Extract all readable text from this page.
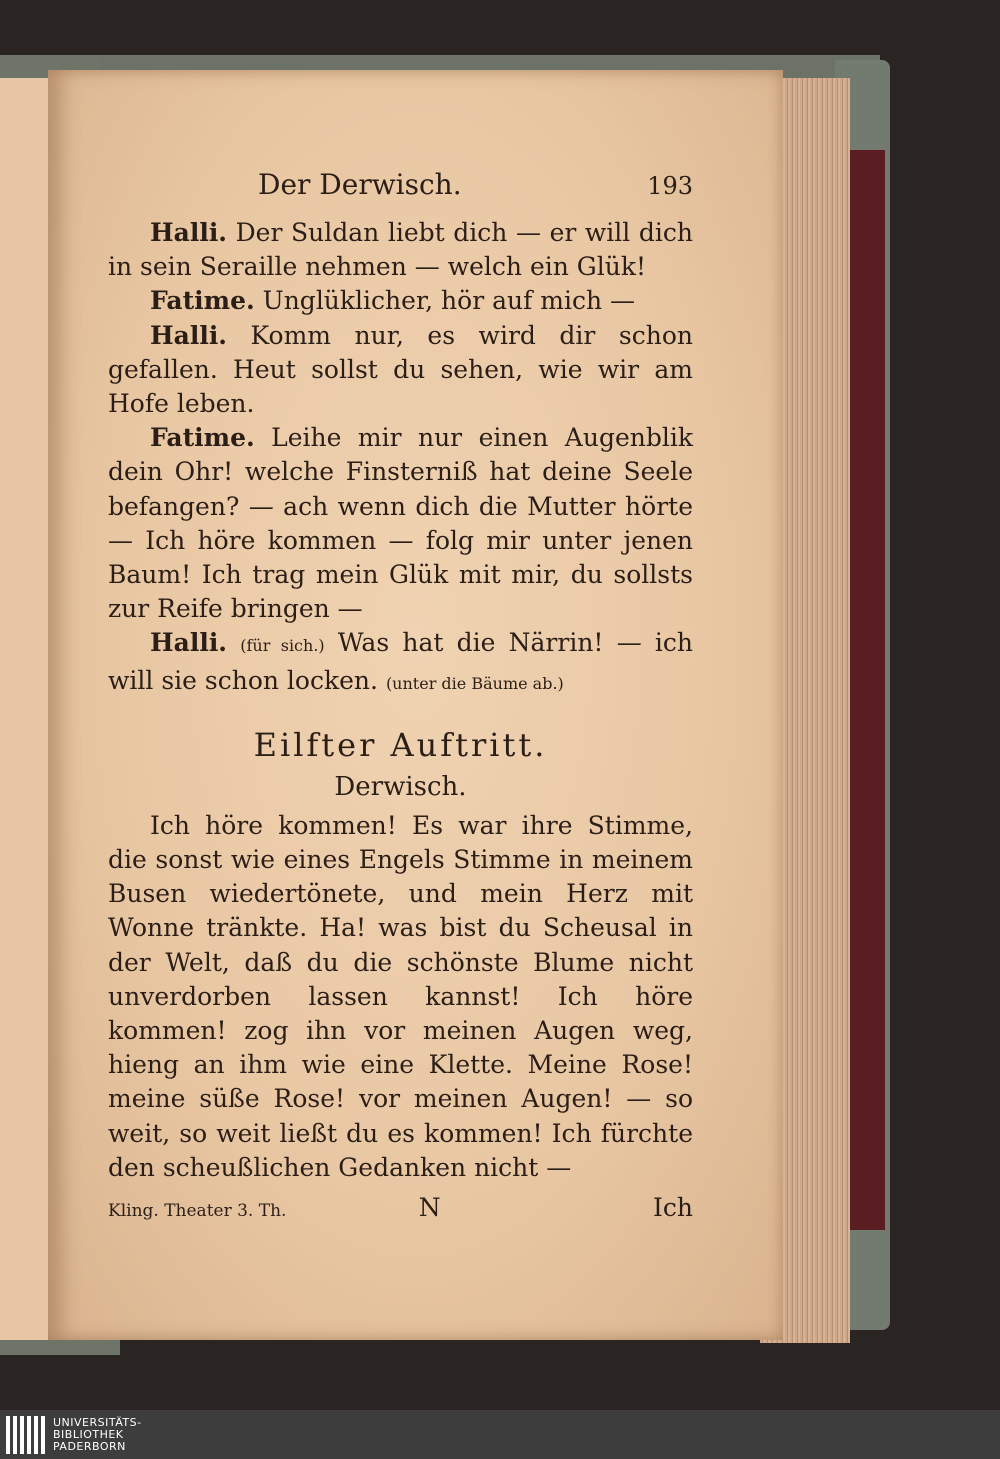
Der Derwisch.	193

Halli. Der Suldan liebt dich — er will dich in sein Seraille nehmen — welch ein Glük!

Fatime. Unglüklicher, hör auf mich —

Halli. Komm nur, es wird dir schon gefallen. Heut sollst du sehen, wie wir am Hofe leben.

Fatime. Leihe mir nur einen Augenblik dein Ohr! welche Finsterniß hat deine Seele befangen? — ach wenn dich die Mutter hörte — Ich höre kommen — folg mir unter jenen Baum! Ich trag mein Glük mit mir, du sollsts zur Reife bringen —

Halli. (für sich.) Was hat die Närrin! — ich will sie schon locken. (unter die Bäume ab.)

Eilfter Auftritt.
Derwisch.

Ich höre kommen! Es war ihre Stimme, die sonst wie eines Engels Stimme in meinem Busen wiedertönete, und mein Herz mit Wonne tränkte. Ha! was bist du Scheusal in der Welt, daß du die schönste Blume nicht unverdorben lassen kannst! Ich höre kommen! zog ihn vor meinen Augen weg, hieng an ihm wie eine Klette. Meine Rose! meine süße Rose! vor meinen Augen! — so weit, so weit ließt du es kommen! Ich fürchte den scheußlichen Gedanken nicht —

Kling. Theater 3. Th.	N	Ich
UNIVERSITÄTS-
BIBLIOTHEK
PADERBORN
